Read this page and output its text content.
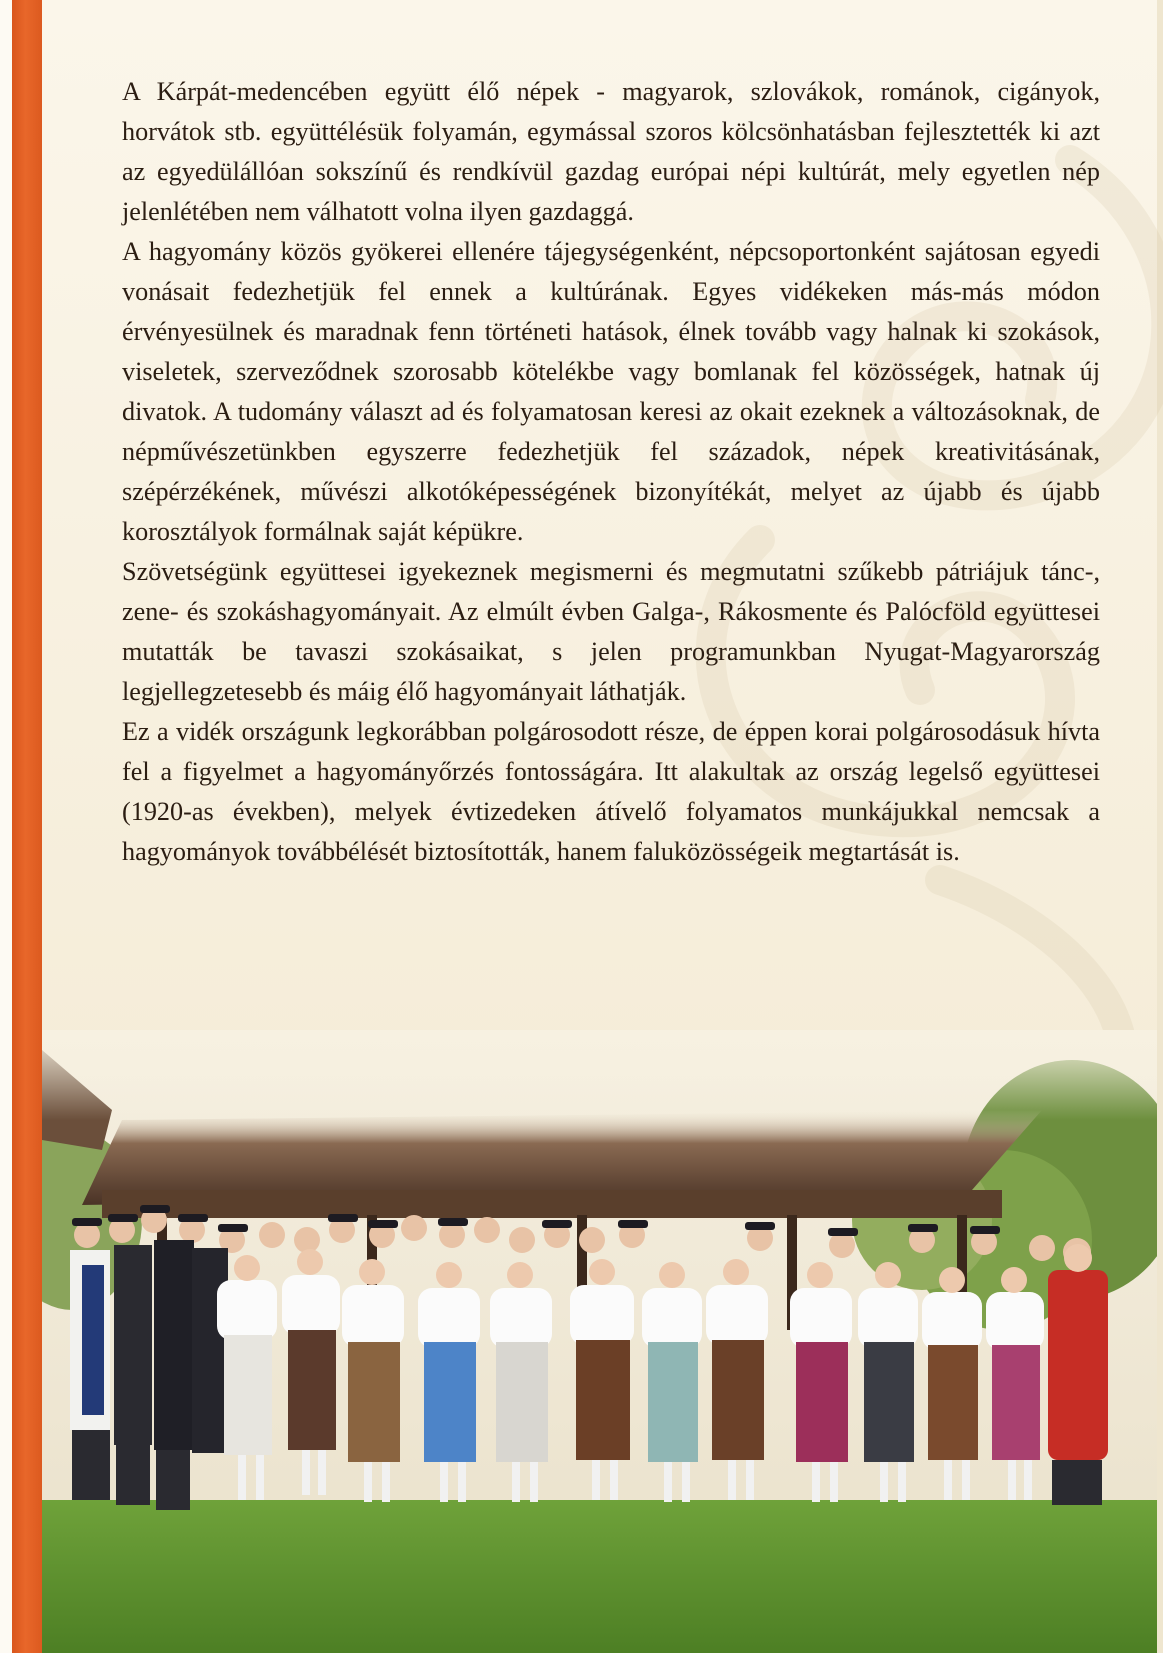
A Kárpát-medencében együtt élő népek - magyarok, szlovákok, románok, cigányok, horvátok stb. együttélésük folyamán, egymással szoros kölcsönhatásban fejlesztették ki azt az egyedülállóan sokszínű és rendkívül gazdag európai népi kultúrát, mely egyetlen nép jelenlétében nem válhatott volna ilyen gazdaggá.

A hagyomány közös gyökerei ellenére tájegységenként, népcsoportonként sajátosan egyedi vonásait fedezhetjük fel ennek a kultúrának. Egyes vidékeken más-más módon érvényesülnek és maradnak fenn történeti hatások, élnek tovább vagy halnak ki szokások, viseletek, szerveződnek szorosabb kötelékbe vagy bomlanak fel közösségek, hatnak új divatok. A tudomány választ ad és folyamatosan keresi az okait ezeknek a változásoknak, de népművészetünkben egyszerre fedezhetjük fel századok, népek kreativitásának, szépérzékének, művészi alkotóképességének bizonyítékát, melyet az újabb és újabb korosztályok formálnak saját képükre.

Szövetségünk együttesei igyekeznek megismerni és megmutatni szűkebb pátriájuk tánc-, zene- és szokáshagyományait. Az elmúlt évben Galga-, Rákosmente és Palócföld együttesei mutatták be tavaszi szokásaikat, s jelen programunkban Nyugat-Magyarország legjellegzetesebb és máig élő hagyományait láthatják.

Ez a vidék országunk legkorábban polgárosodott része, de éppen korai polgárosodásuk hívta fel a figyelmet a hagyományőrzés fontosságára. Itt alakultak az ország legelső együttesei (1920-as években), melyek évtizedeken átívelő folyamatos munkájukkal nemcsak a hagyományok továbbélését biztosították, hanem faluközösségeik megtartását is.
